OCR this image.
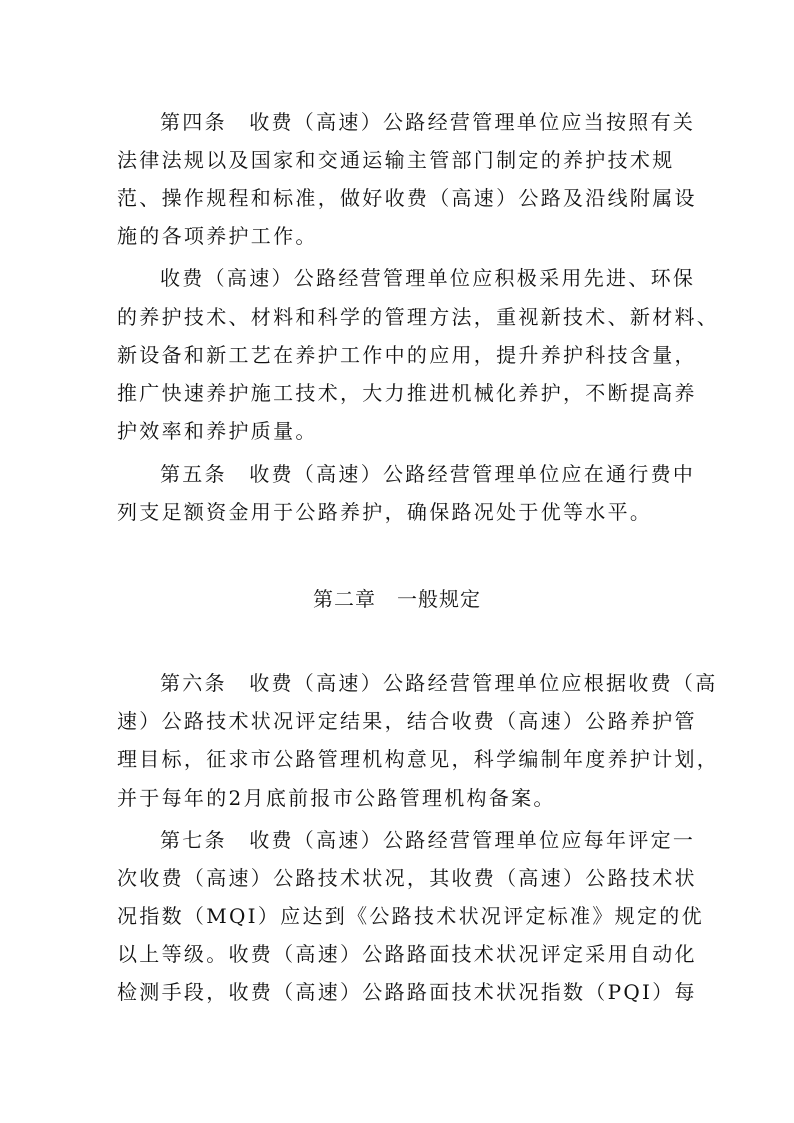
第四条　收费（高速）公路经营管理单位应当按照有关
法律法规以及国家和交通运输主管部门制定的养护技术规
范、操作规程和标准，做好收费（高速）公路及沿线附属设
施的各项养护工作。
收费（高速）公路经营管理单位应积极采用先进、环保
的养护技术、材料和科学的管理方法，重视新技术、新材料、
新设备和新工艺在养护工作中的应用，提升养护科技含量，
推广快速养护施工技术，大力推进机械化养护，不断提高养
护效率和养护质量。
第五条　收费（高速）公路经营管理单位应在通行费中
列支足额资金用于公路养护，确保路况处于优等水平。
第二章　一般规定
第六条　收费（高速）公路经营管理单位应根据收费（高
速）公路技术状况评定结果，结合收费（高速）公路养护管
理目标，征求市公路管理机构意见，科学编制年度养护计划，
并于每年的2月底前报市公路管理机构备案。
第七条　收费（高速）公路经营管理单位应每年评定一
次收费（高速）公路技术状况，其收费（高速）公路技术状
况指数（MQI）应达到《公路技术状况评定标准》规定的优
以上等级。收费（高速）公路路面技术状况评定采用自动化
检测手段，收费（高速）公路路面技术状况指数（PQI）每
